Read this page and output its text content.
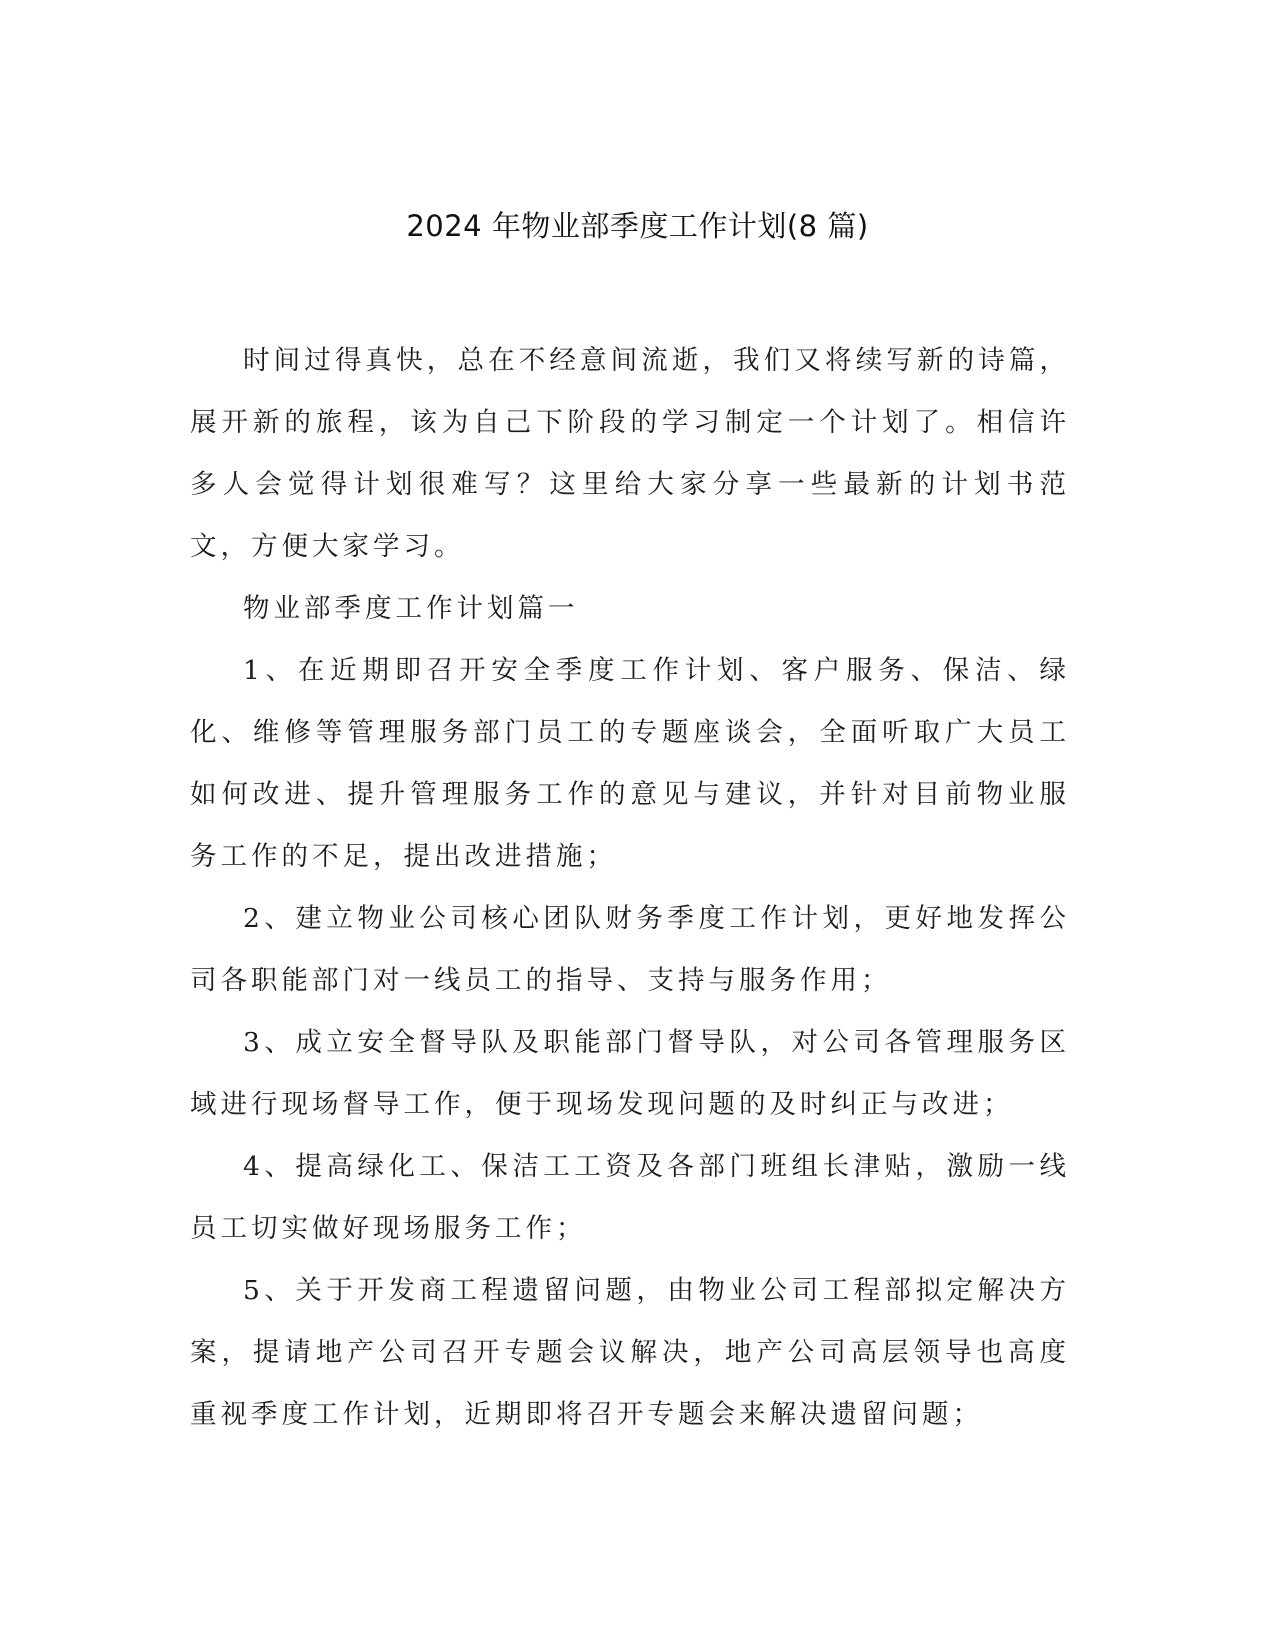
2024 年物业部季度工作计划(8 篇)

时间过得真快，总在不经意间流逝，我们又将续写新的诗篇，展开新的旅程，该为自己下阶段的学习制定一个计划了。相信许多人会觉得计划很难写？这里给大家分享一些最新的计划书范文，方便大家学习。

物业部季度工作计划篇一

1、在近期即召开安全季度工作计划、客户服务、保洁、绿化、维修等管理服务部门员工的专题座谈会，全面听取广大员工如何改进、提升管理服务工作的意见与建议，并针对目前物业服务工作的不足，提出改进措施；

2、建立物业公司核心团队财务季度工作计划，更好地发挥公司各职能部门对一线员工的指导、支持与服务作用；

3、成立安全督导队及职能部门督导队，对公司各管理服务区域进行现场督导工作，便于现场发现问题的及时纠正与改进；

4、提高绿化工、保洁工工资及各部门班组长津贴，激励一线员工切实做好现场服务工作；

5、关于开发商工程遗留问题，由物业公司工程部拟定解决方案，提请地产公司召开专题会议解决，地产公司高层领导也高度重视季度工作计划，近期即将召开专题会来解决遗留问题；
